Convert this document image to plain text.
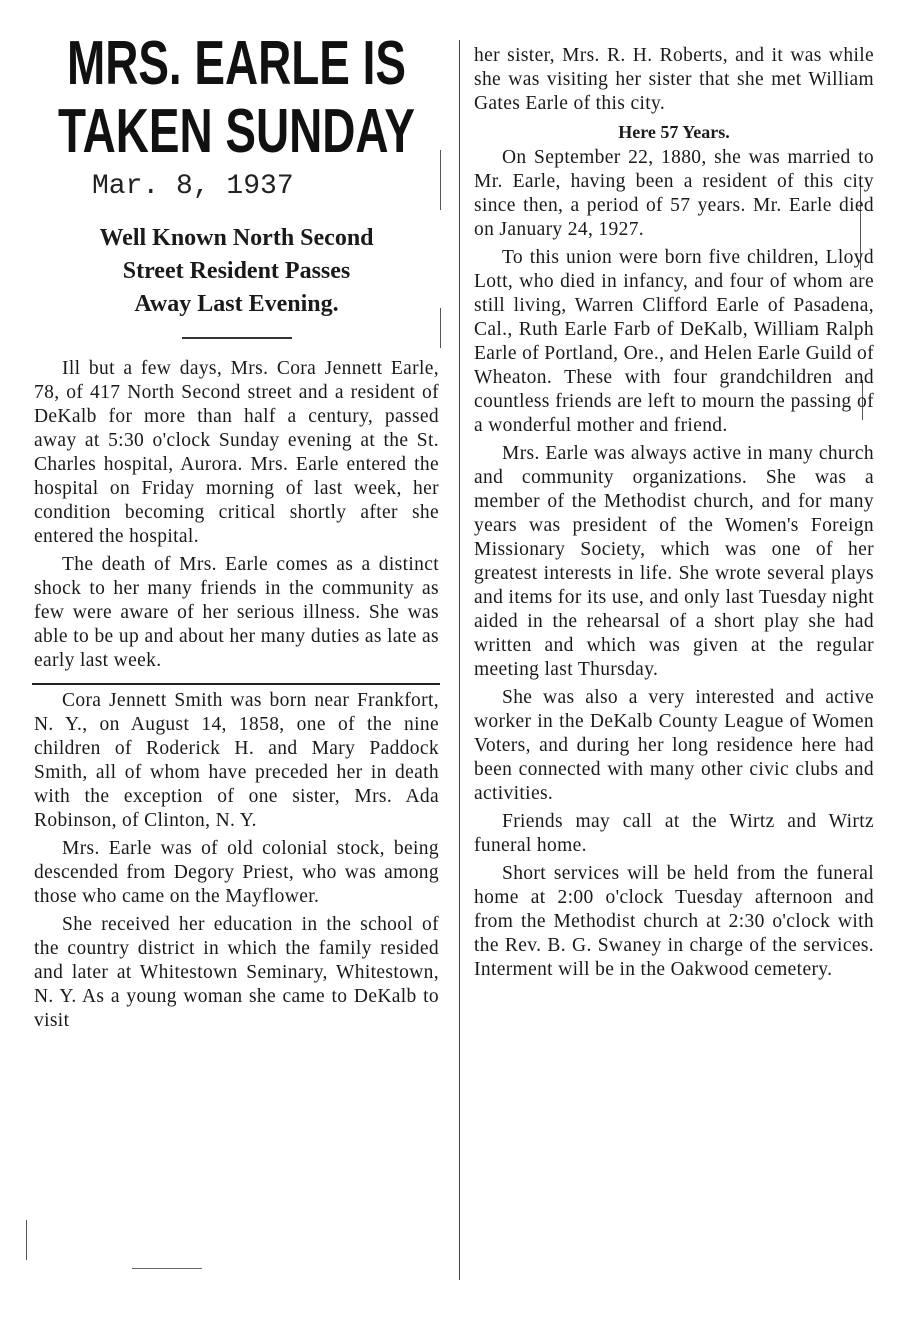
MRS. EARLE IS
TAKEN SUNDAY
Mar. 8, 1937
Well Known North Second
Street Resident Passes
Away Last Evening.

Ill but a few days, Mrs. Cora Jennett Earle, 78, of 417 North Second street and a resident of DeKalb for more than half a century, passed away at 5:30 o'clock Sunday evening at the St. Charles hospital, Aurora. Mrs. Earle entered the hospital on Friday morning of last week, her condition becoming critical shortly after she entered the hospital.

The death of Mrs. Earle comes as a distinct shock to her many friends in the community as few were aware of her serious illness. She was able to be up and about her many duties as late as early last week.

Cora Jennett Smith was born near Frankfort, N. Y., on August 14, 1858, one of the nine children of Roderick H. and Mary Paddock Smith, all of whom have preceded her in death with the exception of one sister, Mrs. Ada Robinson, of Clinton, N. Y.

Mrs. Earle was of old colonial stock, being descended from Degory Priest, who was among those who came on the Mayflower.

She received her education in the school of the country district in which the family resided and later at Whitestown Seminary, Whitestown, N. Y. As a young woman she came to DeKalb to visit

her sister, Mrs. R. H. Roberts, and it was while she was visiting her sister that she met William Gates Earle of this city.

Here 57 Years.

On September 22, 1880, she was married to Mr. Earle, having been a resident of this city since then, a period of 57 years. Mr. Earle died on January 24, 1927.

To this union were born five children, Lloyd Lott, who died in infancy, and four of whom are still living, Warren Clifford Earle of Pasadena, Cal., Ruth Earle Farb of DeKalb, William Ralph Earle of Portland, Ore., and Helen Earle Guild of Wheaton. These with four grandchildren and countless friends are left to mourn the passing of a wonderful mother and friend.

Mrs. Earle was always active in many church and community organizations. She was a member of the Methodist church, and for many years was president of the Women's Foreign Missionary Society, which was one of her greatest interests in life. She wrote several plays and items for its use, and only last Tuesday night aided in the rehearsal of a short play she had written and which was given at the regular meeting last Thursday.

She was also a very interested and active worker in the DeKalb County League of Women Voters, and during her long residence here had been connected with many other civic clubs and activities.

Friends may call at the Wirtz and Wirtz funeral home.

Short services will be held from the funeral home at 2:00 o'clock Tuesday afternoon and from the Methodist church at 2:30 o'clock with the Rev. B. G. Swaney in charge of the services. Interment will be in the Oakwood cemetery.
